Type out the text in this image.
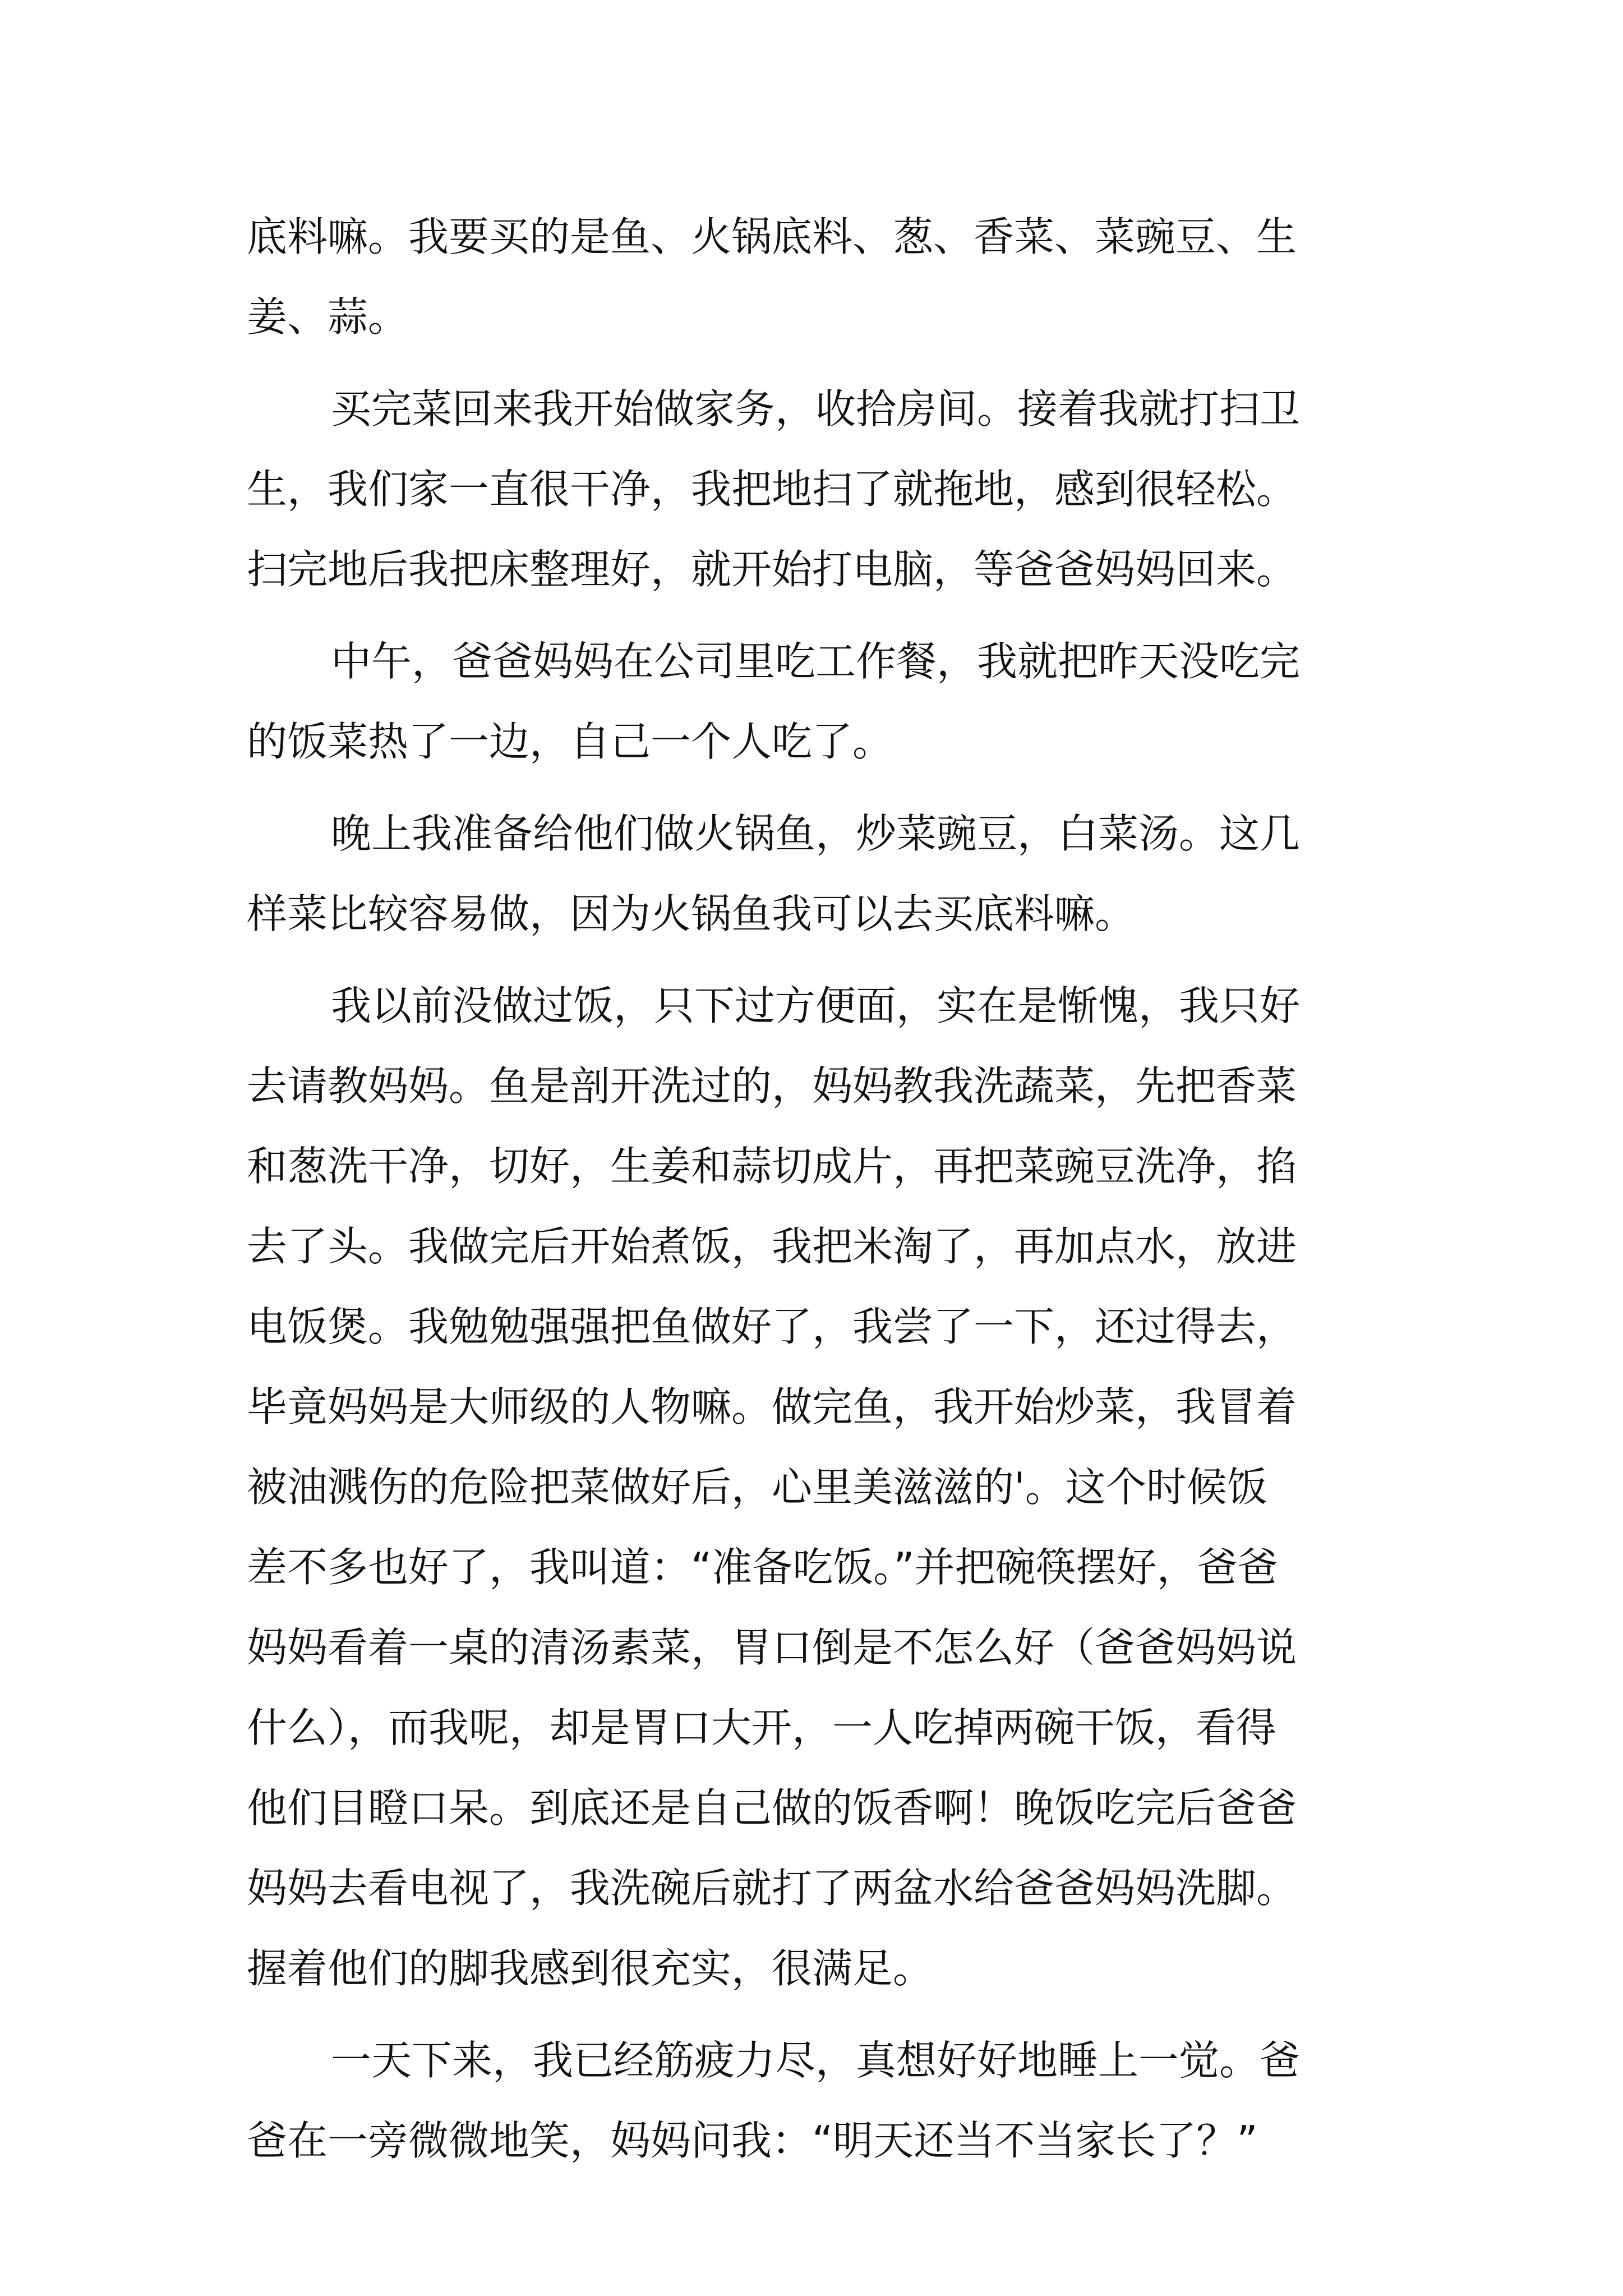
底料嘛。我要买的是鱼、火锅底料、葱、香菜、菜豌豆、生
姜、蒜。
买完菜回来我开始做家务，收拾房间。接着我就打扫卫
生，我们家一直很干净，我把地扫了就拖地，感到很轻松。
扫完地后我把床整理好，就开始打电脑，等爸爸妈妈回来。
中午，爸爸妈妈在公司里吃工作餐，我就把昨天没吃完
的饭菜热了一边，自己一个人吃了。
晚上我准备给他们做火锅鱼，炒菜豌豆，白菜汤。这几
样菜比较容易做，因为火锅鱼我可以去买底料嘛。
我以前没做过饭，只下过方便面，实在是惭愧，我只好
去请教妈妈。鱼是剖开洗过的，妈妈教我洗蔬菜，先把香菜
和葱洗干净，切好，生姜和蒜切成片，再把菜豌豆洗净，掐
去了头。我做完后开始煮饭，我把米淘了，再加点水，放进
电饭煲。我勉勉强强把鱼做好了，我尝了一下，还过得去，
毕竟妈妈是大师级的人物嘛。做完鱼，我开始炒菜，我冒着
被油溅伤的危险把菜做好后，心里美滋滋的'。这个时候饭
差不多也好了，我叫道：“准备吃饭。”并把碗筷摆好，爸爸
妈妈看着一桌的清汤素菜，胃口倒是不怎么好（爸爸妈妈说
什么），而我呢，却是胃口大开，一人吃掉两碗干饭，看得
他们目瞪口呆。到底还是自己做的饭香啊！晚饭吃完后爸爸
妈妈去看电视了，我洗碗后就打了两盆水给爸爸妈妈洗脚。
握着他们的脚我感到很充实，很满足。
一天下来，我已经筋疲力尽，真想好好地睡上一觉。爸
爸在一旁微微地笑，妈妈问我：“明天还当不当家长了？”
